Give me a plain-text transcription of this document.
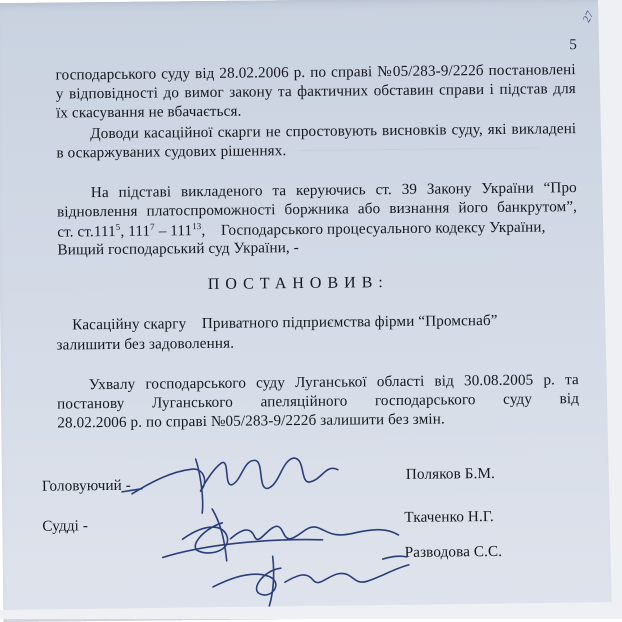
27
5
господарського суду від 28.02.2006 р. по справі №05/283-9/222б постановлені
у відповідності до вимог закону та фактичних обставин справи і підстав для
їх скасування не вбачається.
Доводи касаційної скарги не спростовують висновків суду, які викладені
в оскаржуваних судових рішеннях.
На підставі викладеного та керуючись ст. 39 Закону України “Про
відновлення платоспроможності боржника або визнання його банкрутом”,
ст. ст.111$^5$, $111^7 - 111^{13}$,    Господарського процесуального кодексу України,
Вищий господарський суд України, -
ПОСТАНОВИВ:
Касаційну скаргу    Приватного підприємства фірми “Промснаб”
залишити без задоволення.
Ухвалу господарського суду Луганської області від 30.08.2005 р. та
постанову Луганського апеляційного господарського суду від
28.02.2006 р. по справі №05/283-9/222б залишити без змін.
Головуючий -
Поляков Б.М.
Судді -
Ткаченко Н.Г.
Разводова С.С.
